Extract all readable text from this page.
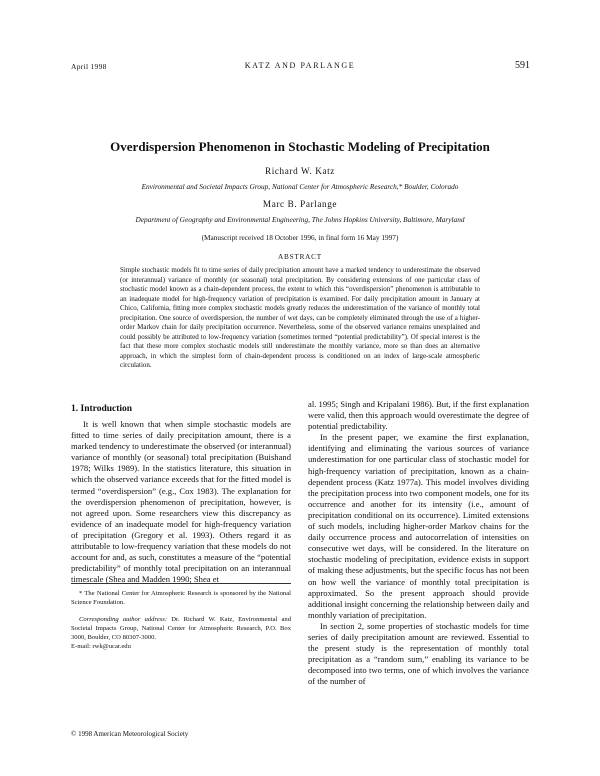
April 1998	KATZ AND PARLANGE	591
Overdispersion Phenomenon in Stochastic Modeling of Precipitation
Richard W. Katz
Environmental and Societal Impacts Group, National Center for Atmospheric Research,* Boulder, Colorado
Marc B. Parlange
Department of Geography and Environmental Engineering, The Johns Hopkins University, Baltimore, Maryland
(Manuscript received 18 October 1996, in final form 16 May 1997)
ABSTRACT
Simple stochastic models fit to time series of daily precipitation amount have a marked tendency to underestimate the observed (or interannual) variance of monthly (or seasonal) total precipitation. By considering extensions of one particular class of stochastic model known as a chain-dependent process, the extent to which this “overdispersion” phenomenon is attributable to an inadequate model for high-frequency variation of precipitation is examined. For daily precipitation amount in January at Chico, California, fitting more complex stochastic models greatly reduces the underestimation of the variance of monthly total precipitation. One source of overdispersion, the number of wet days, can be completely eliminated through the use of a higher-order Markov chain for daily precipitation occurrence. Nevertheless, some of the observed variance remains unexplained and could possibly be attributed to low-frequency variation (sometimes termed “potential predictability”). Of special interest is the fact that these more complex stochastic models still underestimate the monthly variance, more so than does an alternative approach, in which the simplest form of chain-dependent process is conditioned on an index of large-scale atmospheric circulation.
1. Introduction

It is well known that when simple stochastic models are fitted to time series of daily precipitation amount, there is a marked tendency to underestimate the observed (or interannual) variance of monthly (or seasonal) total precipitation (Buishand 1978; Wilks 1989). In the statistics literature, this situation in which the observed variance exceeds that for the fitted model is termed “overdispersion” (e.g., Cox 1983). The explanation for the overdispersion phenomenon of precipitation, however, is not agreed upon. Some researchers view this discrepancy as evidence of an inadequate model for high-frequency variation of precipitation (Gregory et al. 1993). Others regard it as attributable to low-frequency variation that these models do not account for and, as such, constitutes a measure of the “potential predictability” of monthly total precipitation on an interannual timescale (Shea and Madden 1990; Shea et

al. 1995; Singh and Kripalani 1986). But, if the first explanation were valid, then this approach would overestimate the degree of potential predictability.

In the present paper, we examine the first explanation, identifying and eliminating the various sources of variance underestimation for one particular class of stochastic model for high-frequency variation of precipitation, known as a chain-dependent process (Katz 1977a). This model involves dividing the precipitation process into two component models, one for its occurrence and another for its intensity (i.e., amount of precipitation conditional on its occurrence). Limited extensions of such models, including higher-order Markov chains for the daily occurrence process and autocorrelation of intensities on consecutive wet days, will be considered. In the literature on stochastic modeling of precipitation, evidence exists in support of making these adjustments, but the specific focus has not been on how well the variance of monthly total precipitation is approximated. So the present approach should provide additional insight concerning the relationship between daily and monthly variation of precipitation.

In section 2, some properties of stochastic models for time series of daily precipitation amount are reviewed. Essential to the present study is the representation of monthly total precipitation as a “random sum,” enabling its variance to be decomposed into two terms, one of which involves the variance of the number of

* The National Center for Atmospheric Research is sponsored by the National Science Foundation.

Corresponding author address: Dr. Richard W. Katz, Environmental and Societal Impacts Group, National Center for Atmospheric Research, P.O. Box 3000, Boulder, CO 80307-3000.

E-mail: rwk@ucar.edu

© 1998 American Meteorological Society
